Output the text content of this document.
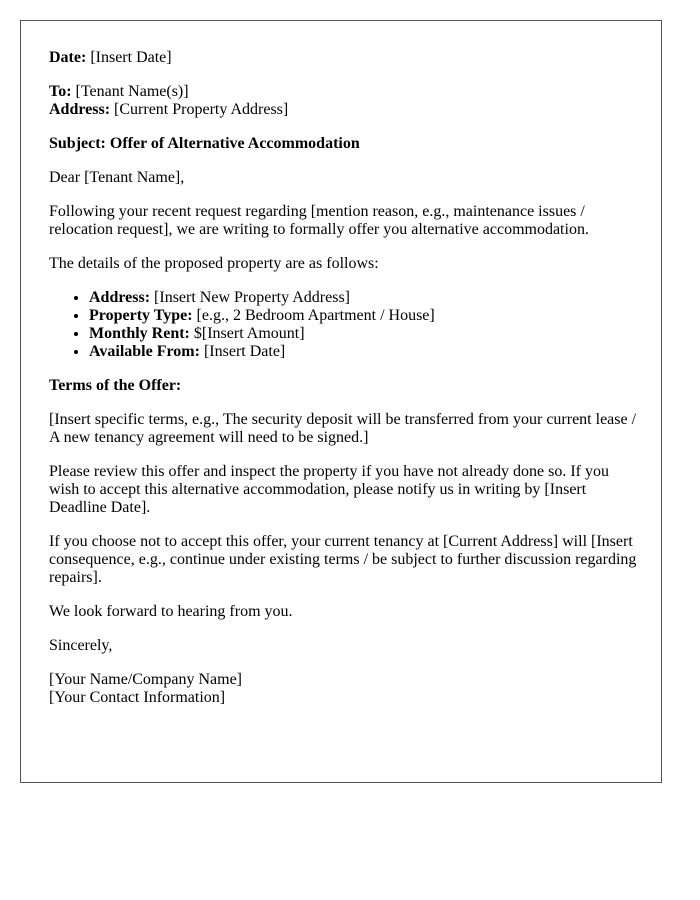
Date: [Insert Date]

To: [Tenant Name(s)]
Address: [Current Property Address]

Subject: Offer of Alternative Accommodation

Dear [Tenant Name],

Following your recent request regarding [mention reason, e.g., maintenance issues / relocation request], we are writing to formally offer you alternative accommodation.

The details of the proposed property are as follows:

• Address: [Insert New Property Address]
• Property Type: [e.g., 2 Bedroom Apartment / House]
• Monthly Rent: $[Insert Amount]
• Available From: [Insert Date]

Terms of the Offer:

[Insert specific terms, e.g., The security deposit will be transferred from your current lease / A new tenancy agreement will need to be signed.]

Please review this offer and inspect the property if you have not already done so. If you wish to accept this alternative accommodation, please notify us in writing by [Insert Deadline Date].

If you choose not to accept this offer, your current tenancy at [Current Address] will [Insert consequence, e.g., continue under existing terms / be subject to further discussion regarding repairs].

We look forward to hearing from you.

Sincerely,

[Your Name/Company Name]
[Your Contact Information]
